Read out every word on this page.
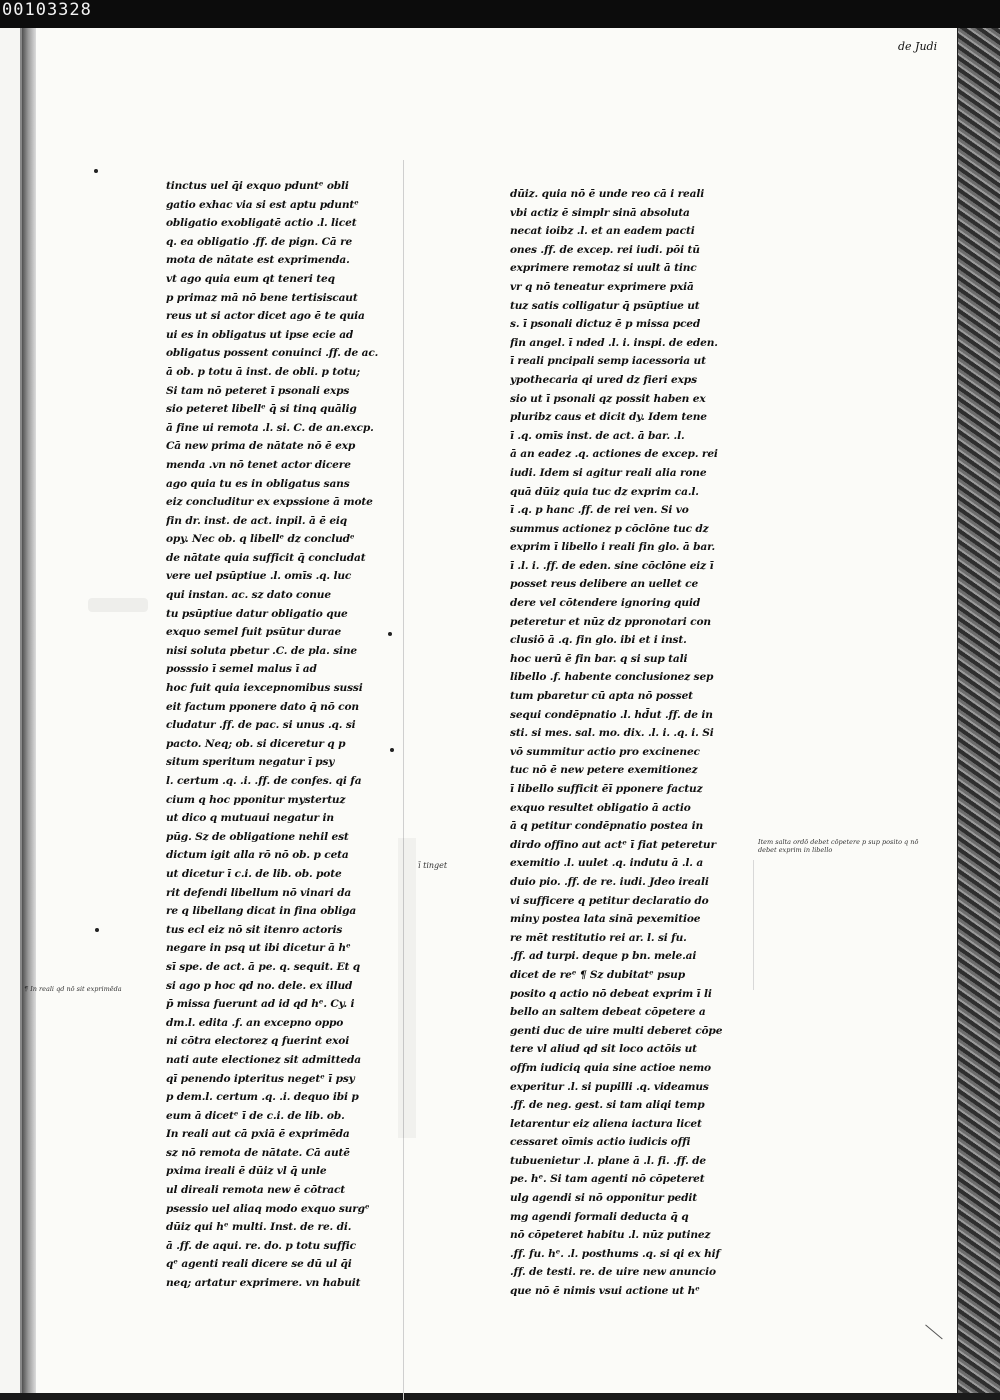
00103328
de Judi
tinctus uel q̄i exquo pduntᵉ obli
gatio exhac via si est aptu pduntᵉ
obligatio exobligatē actio .l. licet
q. ea obligatio .ff. de pign. Cā re
mota de nātate est exprimenda.
vt ago quia eum qt teneri teq
p primaz mā nō bene tertisiscaut
reus ut si actor dicet ago ē te quia
ui es in obligatus ut ipse ecie ad
obligatus possent conuinci .ff. de ac.
ā ob. p totu ā inst. de obli. p totu;
Si tam nō peteret ī psonali exps
sio peteret libellᵉ q̄ si tinq quālig
ā fine ui remota .l. si. C. de an.excp.
Cā new prima de nātate nō ē exp
menda .vn nō tenet actor dicere
ago quia tu es in obligatus sans
eiz concluditur ex expssione ā mote
fin dr. inst. de act. inpil. ā ē eiq
opy. Nec ob. q libellᵉ dz concludᵉ
de nātate quia sufficit q̄ concludat
vere uel psūptiue .l. omīs .q. luc
qui instan. ac. sz dato conue
tu psūptiue datur obligatio que
exquo semel fuit psūtur durae
nisi soluta pbetur .C. de pla. sine
posssio ī semel malus ī ad
hoc fuit quia iexcepnomibus sussi
eit factum pponere dato q̄ nō con
cludatur .ff. de pac. si unus .q. si
pacto. Neq; ob. si diceretur q p
situm speritum negatur ī psy
l. certum .q. .i. .ff. de confes. qi fa
cium q hoc pponitur mystertuz
ut dico q mutuaui negatur in
pūg. Sz de obligatione nehil est
dictum igit alla rō nō ob. p ceta
ut dicetur ī c.i. de lib. ob. pote
rit defendi libellum nō vinari da
re q libellang dicat in fina obliga
tus ecl eiz nō sit itenro actoris
negare in psq ut ibi dicetur ā hᵉ
sī spe. de act. ā pe. q. sequit. Et q
si ago p hoc qd no. dele. ex illud
p̄ missa fuerunt ad id qd hᵉ. Cy. i
dm.l. edita .f. an excepno oppo
ni cōtra electorez q fuerint exoi
nati aute electionez sit admitteda
qī penendo ipteritus negetᵉ ī psy
p dem.l. certum .q. .i. dequo ibi p
eum ā dicetᵉ ī de c.i. de lib. ob.
In reali aut cā pxiā ē exprimēda
sz nō remota de nātate. Cā autē
pxima ireali ē dūiz vl q̄ unle
ul direali remota new ē cōtract
psessio uel aliaq modo exquo surgᵉ
dūiz qui hᵉ multi. Inst. de re. di.
ā .ff. de aqui. re. do. p totu suffic
qᵉ agenti reali dicere se dū ul q̄i
neq; artatur exprimere. vn habuit
dūiz. quia nō ē unde reo cā i reali
vbi actiz ē simplr sinā absoluta
necat ioibz .l. et an eadem pacti
ones .ff. de excep. rei iudi. pōi tū
exprimere remotaz si uult ā tinc
vr q nō teneatur exprimere pxiā
tuz satis colligatur q̄ psūptiue ut
s. ī psonali dictuz ē p missa pced
fin angel. ī nded .l. i. inspi. de eden.
ī reali pncipali semp iacessoria ut
ypothecaria qi ured dz fieri exps
sio ut ī psonali qz possit haben ex
pluribz caus et dicit dy. Idem tene
ī .q. omīs inst. de act. ā bar. .l.
ā an eadez .q. actiones de excep. rei
iudi. Idem si agitur reali alia rone
quā dūiz quia tuc dz exprim ca.l.
ī .q. p hanc .ff. de rei ven. Si vo
summus actionez p cōclōne tuc dz
exprim ī libello i reali fin glo. ā bar.
ī .l. i. .ff. de eden. sine cōclōne eiz ī
posset reus delibere an uellet ce
dere vel cōtendere ignoring quid
peteretur et nūz dz ppronotari con
clusiō ā .q. fin glo. ibi et i inst.
hoc uerū ē fin bar. q si sup tali
libello .f. habente conclusionez sep
tum pbaretur cū apta nō posset
sequi condēpnatio .l. hd̄ut .ff. de in
sti. si mes. sal. mo. dix. .l. i. .q. i. Si
vō summitur actio pro excinenec
tuc nō ē new petere exemitionez
ī libello sufficit ēī pponere factuz
exquo resultet obligatio ā actio
ā q petitur condēpnatio postea in
dirdo offino aut actᵉ ī fiat peteretur
exemitio .l. uulet .q. indutu ā .l. a
duio pio. .ff. de re. iudi. Jdeo ireali
vi sufficere q petitur declaratio do
miny postea lata sinā pexemitioe
re mēt restitutio rei ar. l. si fu.
.ff. ad turpi. deque p bn. mele.ai
dicet de reᵉ ¶ Sz dubitatᵉ psup
posito q actio nō debeat exprim ī li
bello an saltem debeat cōpetere a
genti duc de uire multi deberet cōpe
tere vl aliud qd sit loco actōis ut
offm iudiciq quia sine actioe nemo
experitur .l. si pupilli .q. videamus
.ff. de neg. gest. si tam aliqi temp
letarentur eiz aliena iactura licet
cessaret oīmis actio iudicis offi
tubuenietur .l. plane ā .l. fi. .ff. de
pe. hᵉ. Si tam agenti nō cōpeteret
ulg agendi si nō opponitur pedit
mg agendi formali deducta q̄ q
nō cōpeteret habitu .l. nūz putinez
.ff. fu. hᵉ. .l. posthums .q. si qi ex hif
.ff. de testi. re. de uire new anuncio
que nō ē nimis vsui actione ut hᵉ
¶ In reali qd nō sit exprimēda
ī tinget
Item salta ordō debet cōpetere p sup posito q nō debet exprim in libello
